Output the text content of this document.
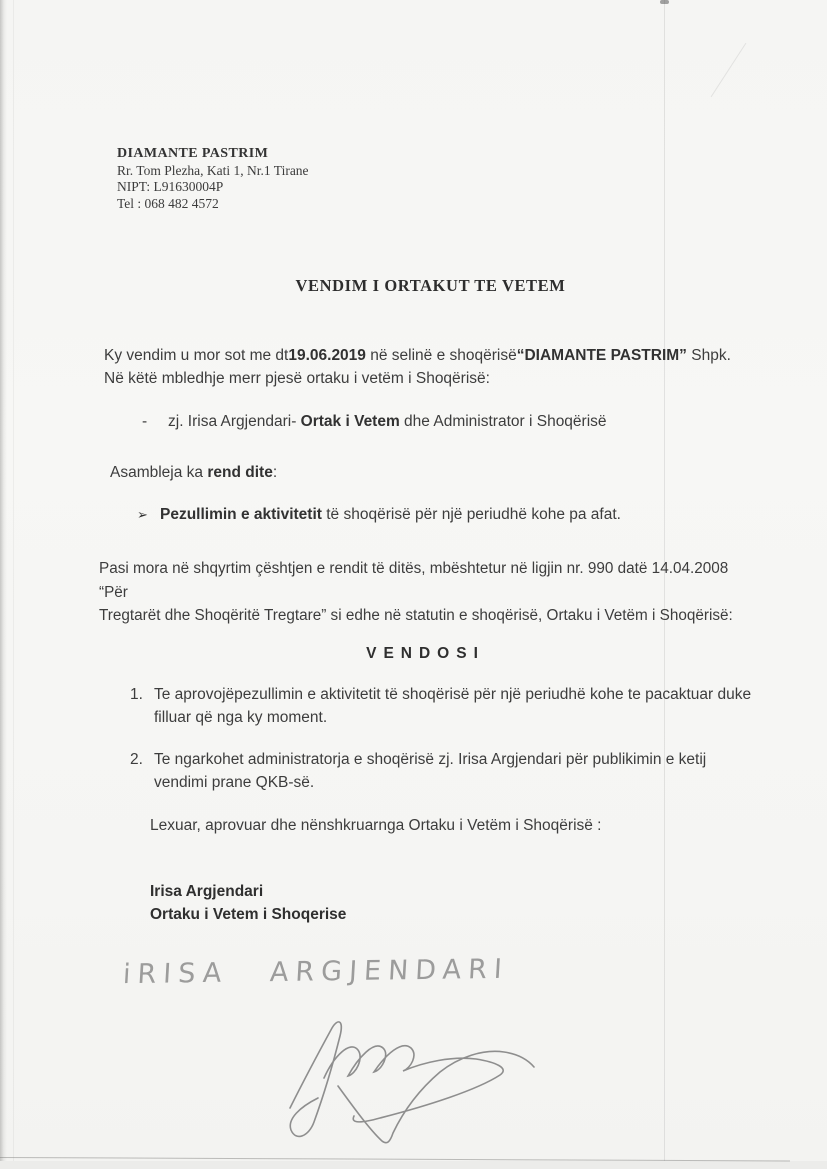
DIAMANTE PASTRIM
Rr. Tom Plezha, Kati 1, Nr.1 Tirane
NIPT: L91630004P
Tel : 068 482 4572
VENDIM I ORTAKUT TE VETEM
Ky vendim u mor sot me dt19.06.2019 në selinë e shoqërisë“DIAMANTE PASTRIM” Shpk.
Në këtë mbledhje merr pjesë ortaku i vetëm i Shoqërisë:
- zj. Irisa Argjendari- Ortak i Vetem dhe Administrator i Shoqërisë
Asambleja ka rend dite:
➢ Pezullimin e aktivitetit të shoqërisë për një periudhë kohe pa afat.
Pasi mora në shqyrtim çështjen e rendit të ditës, mbështetur në ligjin nr. 990 datë 14.04.2008 “Për
Tregtarët dhe Shoqëritë Tregtare” si edhe në statutin e shoqërisë, Ortaku i Vetëm i Shoqërisë:
VENDOSI
1. Te aprovojëpezullimin e aktivitetit të shoqërisë për një periudhë kohe te pacaktuar duke
filluar që nga ky moment.
2. Te ngarkohet administratorja e shoqërisë zj. Irisa Argjendari për publikimin e ketij
vendimi prane QKB-së.
Lexuar, aprovuar dhe nënshkruarnga Ortaku i Vetëm i Shoqërisë :
Irisa Argjendari
Ortaku i Vetem i Shoqerise
iRISA ARGJENDARI
